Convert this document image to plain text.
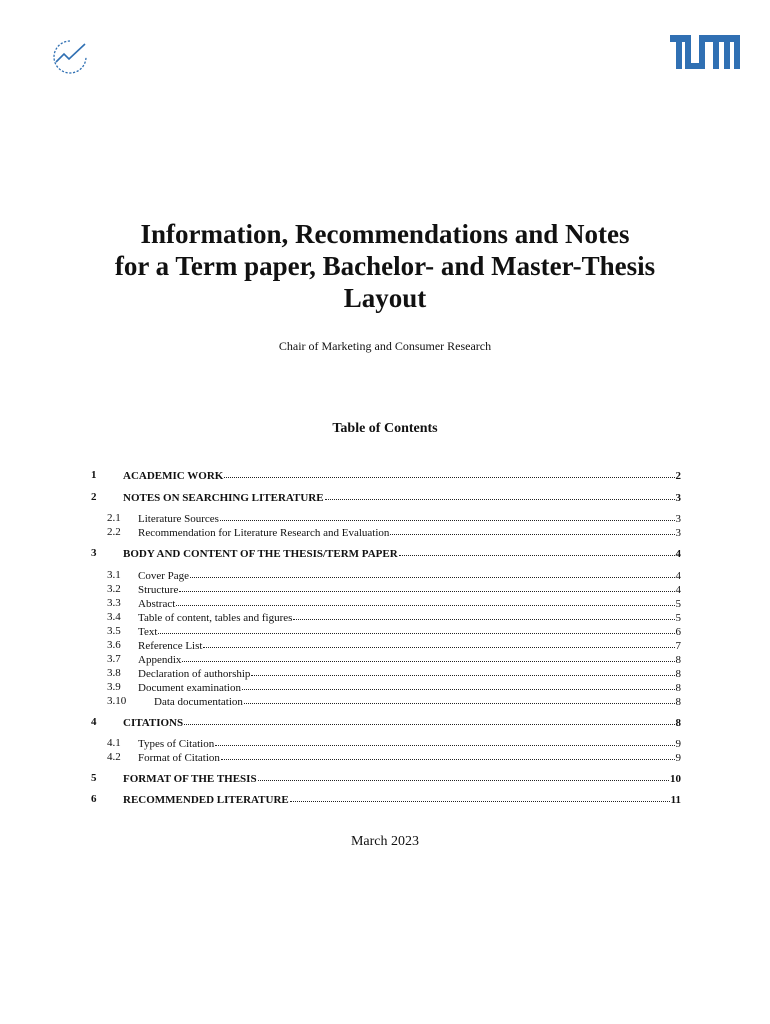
Information, Recommendations and Notes
for a Term paper, Bachelor- and Master-Thesis
Layout
Chair of Marketing and Consumer Research
Table of Contents
1 ACADEMIC WORK	2
2 NOTES ON SEARCHING LITERATURE	3
2.1 Literature Sources	3
2.2 Recommendation for Literature Research and Evaluation	3
3 BODY AND CONTENT OF THE THESIS/TERM PAPER	4
3.1 Cover Page	4
3.2 Structure	4
3.3 Abstract	5
3.4 Table of content, tables and figures	5
3.5 Text	6
3.6 Reference List	7
3.7 Appendix	8
3.8 Declaration of authorship	8
3.9 Document examination	8
3.10	Data documentation	8
4 CITATIONS	8
4.1 Types of Citation	9
4.2 Format of Citation	9
5 FORMAT OF THE THESIS	10
6 RECOMMENDED LITERATURE	11
March 2023
